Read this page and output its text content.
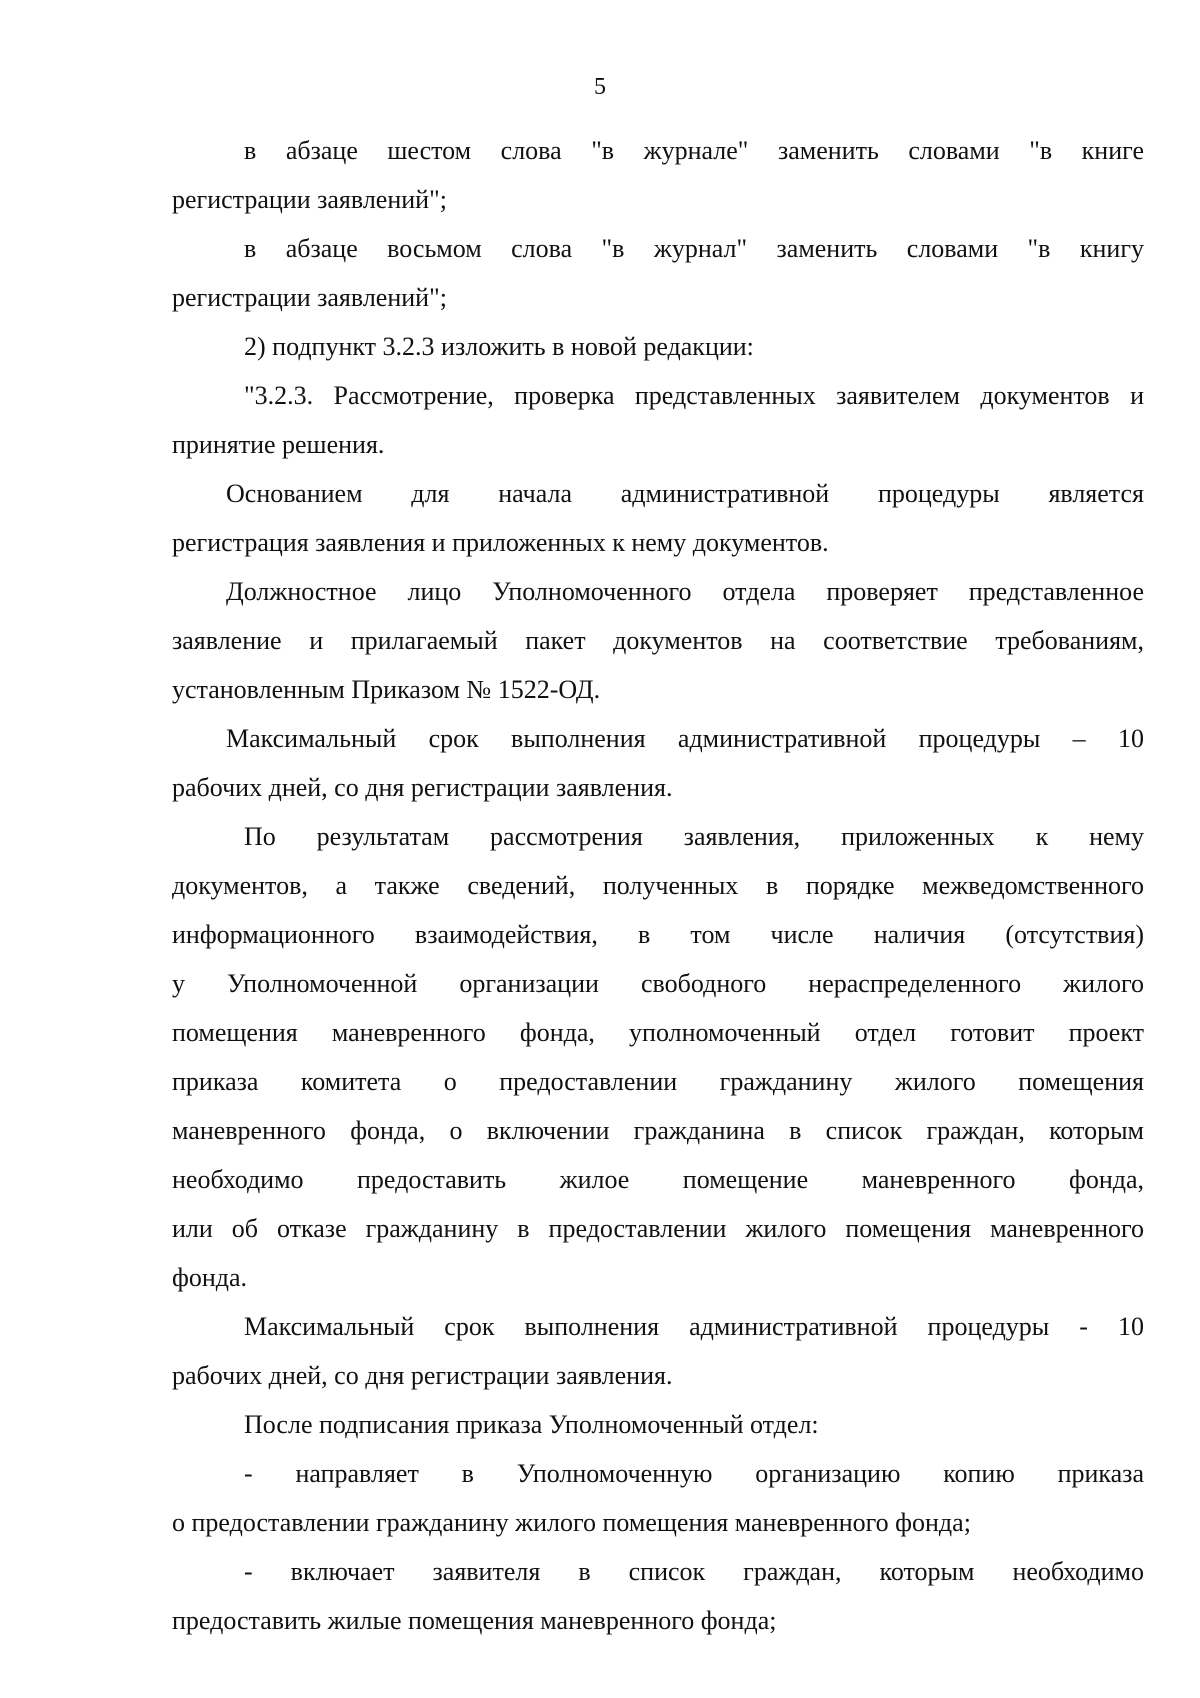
5

в абзаце шестом слова "в журнале" заменить словами "в книге
регистрации заявлений";

в абзаце восьмом слова "в журнал" заменить словами "в книгу
регистрации заявлений";

2) подпункт 3.2.3 изложить в новой редакции:

"3.2.3. Рассмотрение, проверка представленных заявителем документов и
принятие решения.

Основанием для начала административной процедуры является
регистрация заявления и приложенных к нему документов.

Должностное лицо Уполномоченного отдела проверяет представленное
заявление и прилагаемый пакет документов на соответствие требованиям,
установленным Приказом № 1522-ОД.

Максимальный срок выполнения административной процедуры – 10
рабочих дней, со дня регистрации заявления.

По результатам рассмотрения заявления, приложенных к нему
документов, а также сведений, полученных в порядке межведомственного
информационного взаимодействия, в том числе наличия (отсутствия)
у Уполномоченной организации свободного нераспределенного жилого
помещения маневренного фонда, уполномоченный отдел готовит проект
приказа комитета о предоставлении гражданину жилого помещения
маневренного фонда, о включении гражданина в список граждан, которым
необходимо предоставить жилое помещение маневренного фонда,
или об отказе гражданину в предоставлении жилого помещения маневренного
фонда.

Максимальный срок выполнения административной процедуры - 10
рабочих дней, со дня регистрации заявления.

После подписания приказа Уполномоченный отдел:

- направляет в Уполномоченную организацию копию приказа
о предоставлении гражданину жилого помещения маневренного фонда;

- включает заявителя в список граждан, которым необходимо
предоставить жилые помещения маневренного фонда;
